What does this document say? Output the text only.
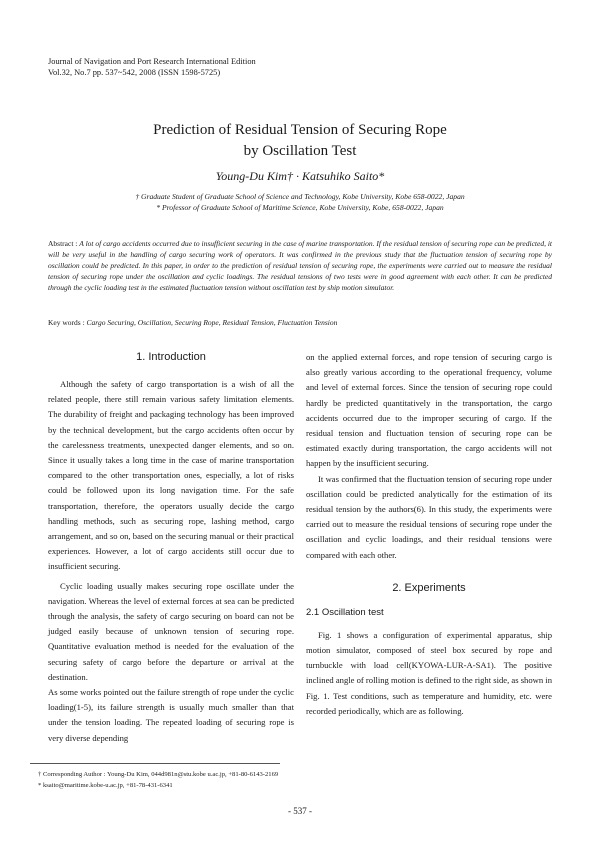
Journal of Navigation and Port Research International Edition
Vol.32, No.7 pp. 537~542, 2008 (ISSN 1598-5725)
Prediction of Residual Tension of Securing Rope
by Oscillation Test
Young-Du Kim† · Katsuhiko Saito*
† Graduate Student of Graduate School of Science and Technology, Kobe University, Kobe 658-0022, Japan
* Professor of Graduate School of Maritime Science, Kobe University, Kobe, 658-0022, Japan
Abstract : A lot of cargo accidents occurred due to insufficient securing in the case of marine transportation. If the residual tension of securing rope can be predicted, it will be very useful in the handling of cargo securing work of operators. It was confirmed in the previous study that the fluctuation tension of securing rope by oscillation could be predicted. In this paper, in order to the prediction of residual tension of securing rope, the experiments were carried out to measure the residual tension of securing rope under the oscillation and cyclic loadings. The residual tensions of two tests were in good agreement with each other. It can be predicted through the cyclic loading test in the estimated fluctuation tension without oscillation test by ship motion simulator.
Key words : Cargo Securing, Oscillation, Securing Rope, Residual Tension, Fluctuation Tension
1. Introduction

Although the safety of cargo transportation is a wish of all the related people, there still remain various safety limitation elements. The durability of freight and packaging technology has been improved by the technical development, but the cargo accidents often occur by the carelessness treatments, unexpected danger elements, and so on. Since it usually takes a long time in the case of marine transportation compared to the other transportation ones, especially, a lot of risks could be followed upon its long navigation time. For the safe transportation, therefore, the operators usually decide the cargo handling methods, such as securing rope, lashing method, cargo arrangement, and so on, based on the securing manual or their practical experiences. However, a lot of cargo accidents still occur due to insufficient securing.

Cyclic loading usually makes securing rope oscillate under the navigation. Whereas the level of external forces at sea can be predicted through the analysis, the safety of cargo securing on board can not be judged easily because of unknown tension of securing rope. Quantitative evaluation method is needed for the evaluation of the securing safety of cargo before the departure or arrival at the destination.

As some works pointed out the failure strength of rope under the cyclic loading(1-5), its failure strength is usually much smaller than that under the tension loading. The repeated loading of securing rope is very diverse depending

on the applied external forces, and rope tension of securing cargo is also greatly various according to the operational frequency, volume and level of external forces. Since the tension of securing rope could hardly be predicted quantitatively in the transportation, the cargo accidents occurred due to the improper securing of cargo. If the residual tension and fluctuation tension of securing rope can be estimated exactly during transportation, the cargo accidents will not happen by the insufficient securing.

It was confirmed that the fluctuation tension of securing rope under oscillation could be predicted analytically for the estimation of its residual tension by the authors(6). In this study, the experiments were carried out to measure the residual tensions of securing rope under the oscillation and cyclic loadings, and their residual tensions were compared with each other.

2. Experiments
2.1 Oscillation test

Fig. 1 shows a configuration of experimental apparatus, ship motion simulator, composed of steel box secured by rope and turnbuckle with load cell(KYOWA-LUR-A-SA1). The positive inclined angle of rolling motion is defined to the right side, as shown in Fig. 1. Test conditions, such as temperature and humidity, etc. were recorded periodically, which are as following.

† Corresponding Author : Young-Du Kim, 044d981n@stu.kobe u.ac.jp, +81-80-6143-2169
* ksaito@maritime.kobe-u.ac.jp, +81-78-431-6341
- 537 -
